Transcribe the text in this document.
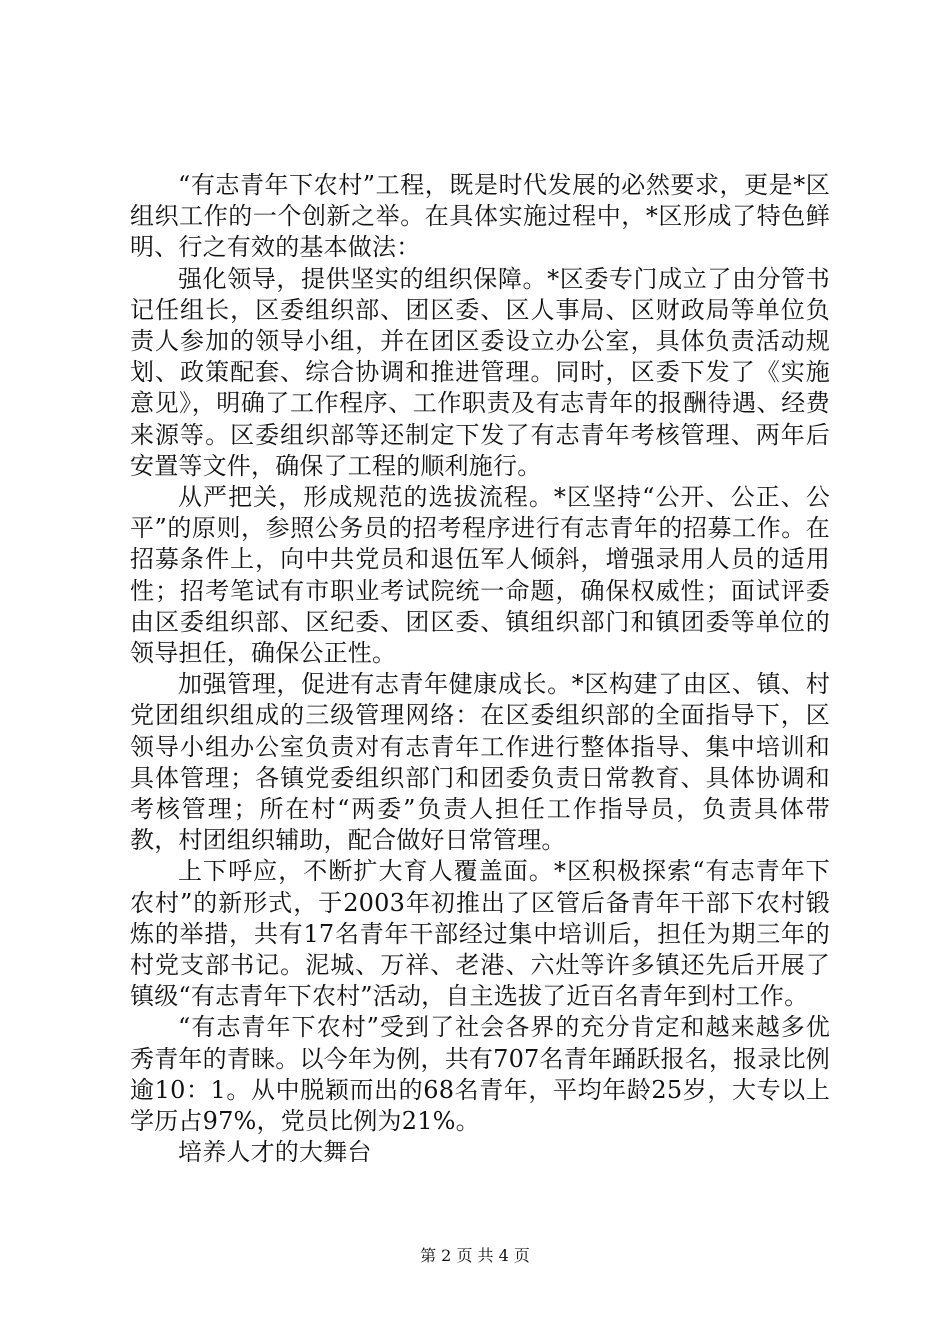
“有志青年下农村”工程，既是时代发展的必然要求，更是*区组织工作的一个创新之举。在具体实施过程中，*区形成了特色鲜明、行之有效的基本做法：

强化领导，提供坚实的组织保障。*区委专门成立了由分管书记任组长，区委组织部、团区委、区人事局、区财政局等单位负责人参加的领导小组，并在团区委设立办公室，具体负责活动规划、政策配套、综合协调和推进管理。同时，区委下发了《实施意见》，明确了工作程序、工作职责及有志青年的报酬待遇、经费来源等。区委组织部等还制定下发了有志青年考核管理、两年后安置等文件，确保了工程的顺利施行。

从严把关，形成规范的选拔流程。*区坚持“公开、公正、公平”的原则，参照公务员的招考程序进行有志青年的招募工作。在招募条件上，向中共党员和退伍军人倾斜，增强录用人员的适用性；招考笔试有市职业考试院统一命题，确保权威性；面试评委由区委组织部、区纪委、团区委、镇组织部门和镇团委等单位的领导担任，确保公正性。

加强管理，促进有志青年健康成长。*区构建了由区、镇、村党团组织组成的三级管理网络：在区委组织部的全面指导下，区领导小组办公室负责对有志青年工作进行整体指导、集中培训和具体管理；各镇党委组织部门和团委负责日常教育、具体协调和考核管理；所在村“两委”负责人担任工作指导员，负责具体带教，村团组织辅助，配合做好日常管理。

上下呼应，不断扩大育人覆盖面。*区积极探索“有志青年下农村”的新形式，于2003年初推出了区管后备青年干部下农村锻炼的举措，共有17名青年干部经过集中培训后，担任为期三年的村党支部书记。泥城、万祥、老港、六灶等许多镇还先后开展了镇级“有志青年下农村”活动，自主选拔了近百名青年到村工作。

“有志青年下农村”受到了社会各界的充分肯定和越来越多优秀青年的青睐。以今年为例，共有707名青年踊跃报名，报录比例逾10：1。从中脱颖而出的68名青年，平均年龄25岁，大专以上学历占97%，党员比例为21%。

培养人才的大舞台

第 2 页 共 4 页
